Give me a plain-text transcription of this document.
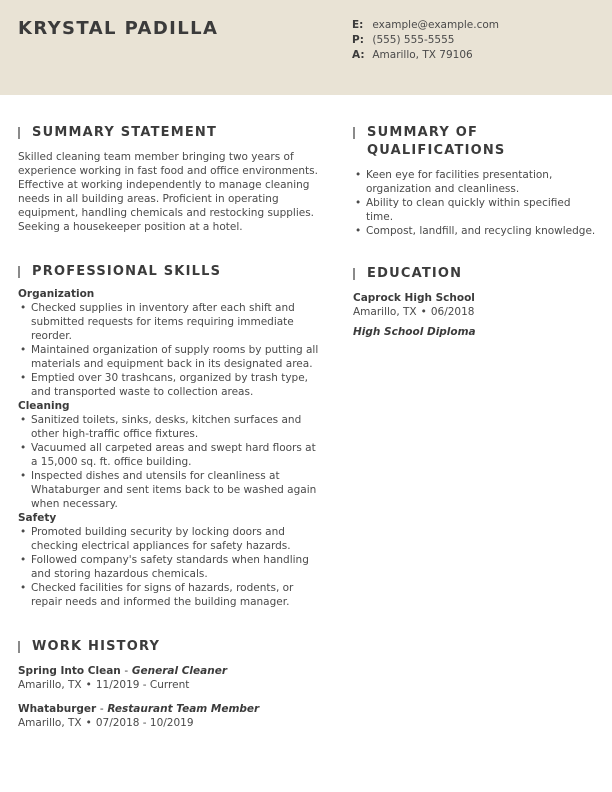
KRYSTAL PADILLA	E: example@example.com
P: (555) 555-5555
A: Amarillo, TX 79106
SUMMARY STATEMENT

Skilled cleaning team member bringing two years of experience working in fast food and office environments. Effective at working independently to manage cleaning needs in all building areas. Proficient in operating equipment, handling chemicals and restocking supplies. Seeking a housekeeper position at a hotel.

PROFESSIONAL SKILLS
Organization
• Checked supplies in inventory after each shift and submitted requests for items requiring immediate reorder.
• Maintained organization of supply rooms by putting all materials and equipment back in its designated area.
• Emptied over 30 trashcans, organized by trash type, and transported waste to collection areas.
Cleaning
• Sanitized toilets, sinks, desks, kitchen surfaces and other high-traffic office fixtures.
• Vacuumed all carpeted areas and swept hard floors at a 15,000 sq. ft. office building.
• Inspected dishes and utensils for cleanliness at Whataburger and sent items back to be washed again when necessary.
Safety
• Promoted building security by locking doors and checking electrical appliances for safety hazards.
• Followed company's safety standards when handling and storing hazardous chemicals.
• Checked facilities for signs of hazards, rodents, or repair needs and informed the building manager.
WORK HISTORY
Spring Into Clean - General Cleaner
Amarillo, TX • 11/2019 - Current
Whataburger - Restaurant Team Member
Amarillo, TX • 07/2018 - 10/2019
SUMMARY OF
QUALIFICATIONS
• Keen eye for facilities presentation, organization and cleanliness.
• Ability to clean quickly within specified time.
• Compost, landfill, and recycling knowledge.
EDUCATION
Caprock High School
Amarillo, TX • 06/2018
High School Diploma
